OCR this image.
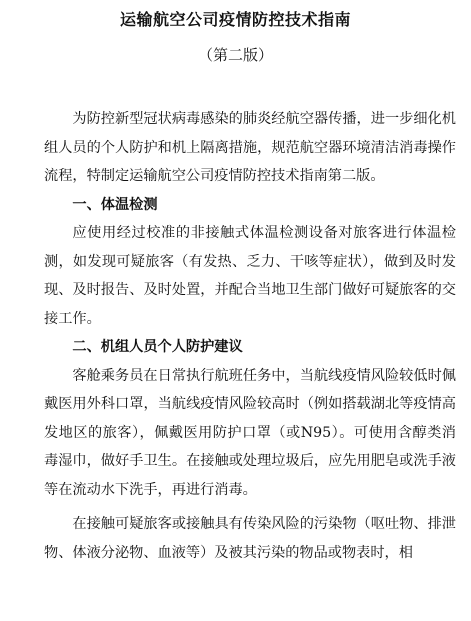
运输航空公司疫情防控技术指南
（第二版）

为防控新型冠状病毒感染的肺炎经航空器传播，进一步细化机组人员的个人防护和机上隔离措施，规范航空器环境清洁消毒操作流程，特制定运输航空公司疫情防控技术指南第二版。

一、体温检测

应使用经过校准的非接触式体温检测设备对旅客进行体温检测，如发现可疑旅客（有发热、乏力、干咳等症状），做到及时发现、及时报告、及时处置，并配合当地卫生部门做好可疑旅客的交接工作。

二、机组人员个人防护建议

客舱乘务员在日常执行航班任务中，当航线疫情风险较低时佩戴医用外科口罩，当航线疫情风险较高时（例如搭载湖北等疫情高发地区的旅客），佩戴医用防护口罩（或N95）。可使用含醇类消毒湿巾，做好手卫生。在接触或处理垃圾后，应先用肥皂或洗手液等在流动水下洗手，再进行消毒。

在接触可疑旅客或接触具有传染风险的污染物（呕吐物、排泄物、体液分泌物、血液等）及被其污染的物品或物表时，相
